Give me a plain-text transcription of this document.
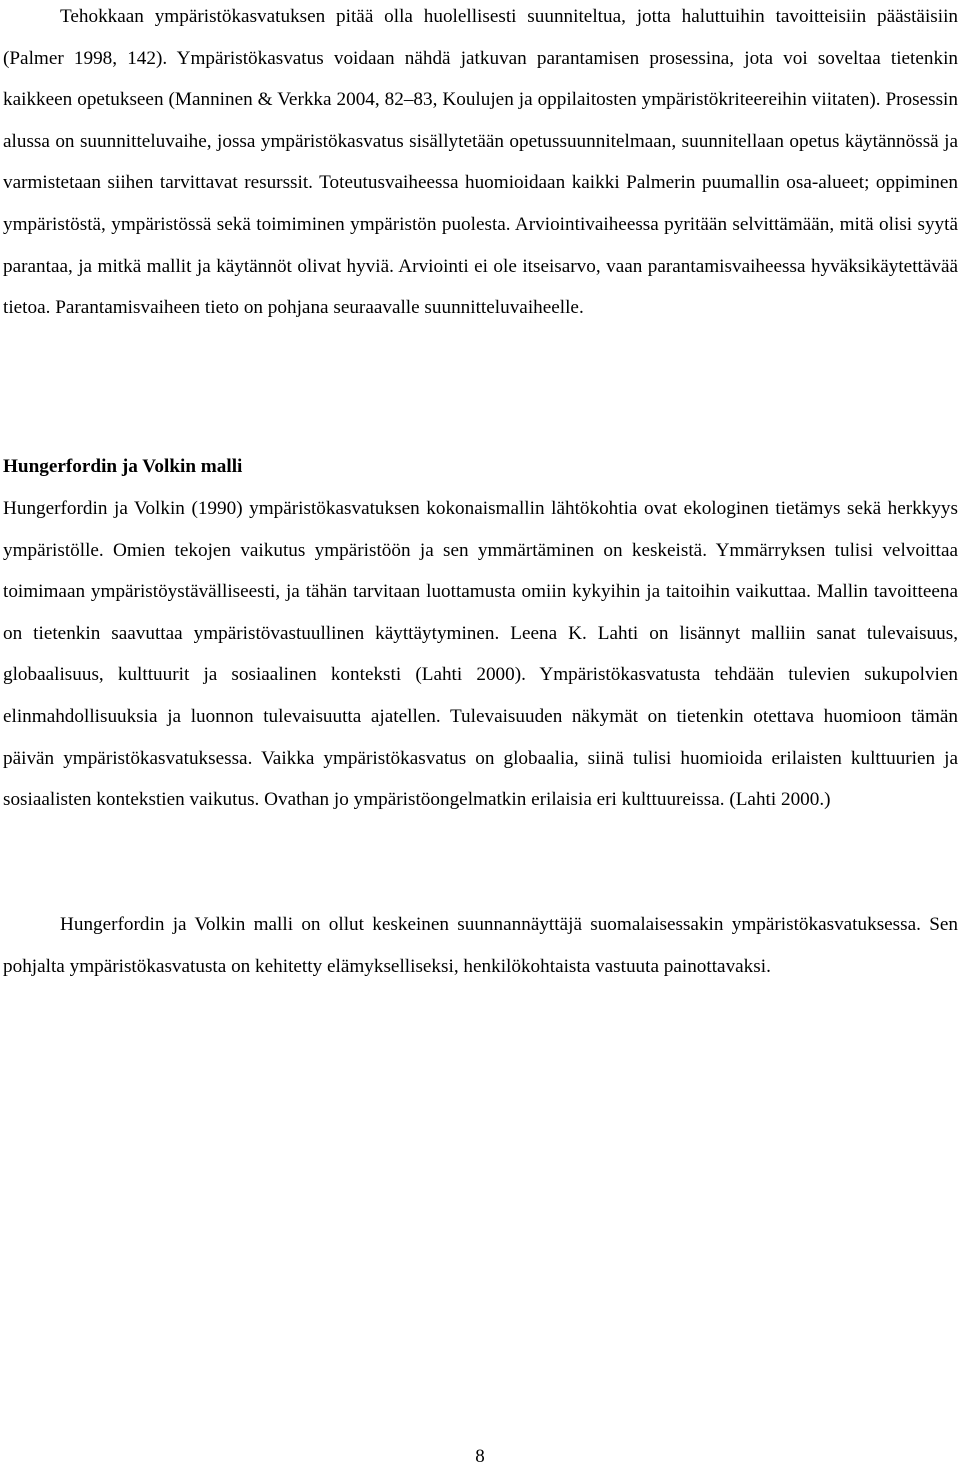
Tehokkaan ympäristökasvatuksen pitää olla huolellisesti suunniteltua, jotta haluttuihin tavoitteisiin päästäisiin (Palmer 1998, 142). Ympäristökasvatus voidaan nähdä jatkuvan parantamisen prosessina, jota voi soveltaa tietenkin kaikkeen opetukseen (Manninen & Verkka 2004, 82–83, Koulujen ja oppilaitosten ympäristökriteereihin viitaten). Prosessin alussa on suunnitteluvaihe, jossa ympäristökasvatus sisällytetään opetussuunnitelmaan, suunnitellaan opetus käytännössä ja varmistetaan siihen tarvittavat resurssit. Toteutusvaiheessa huomioidaan kaikki Palmerin puumallin osa-alueet; oppiminen ympäristöstä, ympäristössä sekä toimiminen ympäristön puolesta. Arviointivaiheessa pyritään selvittämään, mitä olisi syytä parantaa, ja mitkä mallit ja käytännöt olivat hyviä. Arviointi ei ole itseisarvo, vaan parantamisvaiheessa hyväksikäytettävää tietoa. Parantamisvaiheen tieto on pohjana seuraavalle suunnitteluvaiheelle.

Hungerfordin ja Volkin malli

Hungerfordin ja Volkin (1990) ympäristökasvatuksen kokonaismallin lähtökohtia ovat ekologinen tietämys sekä herkkyys ympäristölle. Omien tekojen vaikutus ympäristöön ja sen ymmärtäminen on keskeistä. Ymmärryksen tulisi velvoittaa toimimaan ympäristöystävälliseesti, ja tähän tarvitaan luottamusta omiin kykyihin ja taitoihin vaikuttaa. Mallin tavoitteena on tietenkin saavuttaa ympäristövastuullinen käyttäytyminen. Leena K. Lahti on lisännyt malliin sanat tulevaisuus, globaalisuus, kulttuurit ja sosiaalinen konteksti (Lahti 2000). Ympäristökasvatusta tehdään tulevien sukupolvien elinmahdollisuuksia ja luonnon tulevaisuutta ajatellen. Tulevaisuuden näkymät on tietenkin otettava huomioon tämän päivän ympäristökasvatuksessa. Vaikka ympäristökasvatus on globaalia, siinä tulisi huomioida erilaisten kulttuurien ja sosiaalisten kontekstien vaikutus. Ovathan jo ympäristöongelmatkin erilaisia eri kulttuureissa. (Lahti 2000.)

Hungerfordin ja Volkin malli on ollut keskeinen suunnannäyttäjä suomalaisessakin ympäristökasvatuksessa. Sen pohjalta ympäristökasvatusta on kehitetty elämykselliseksi, henkilökohtaista vastuuta painottavaksi.

8
